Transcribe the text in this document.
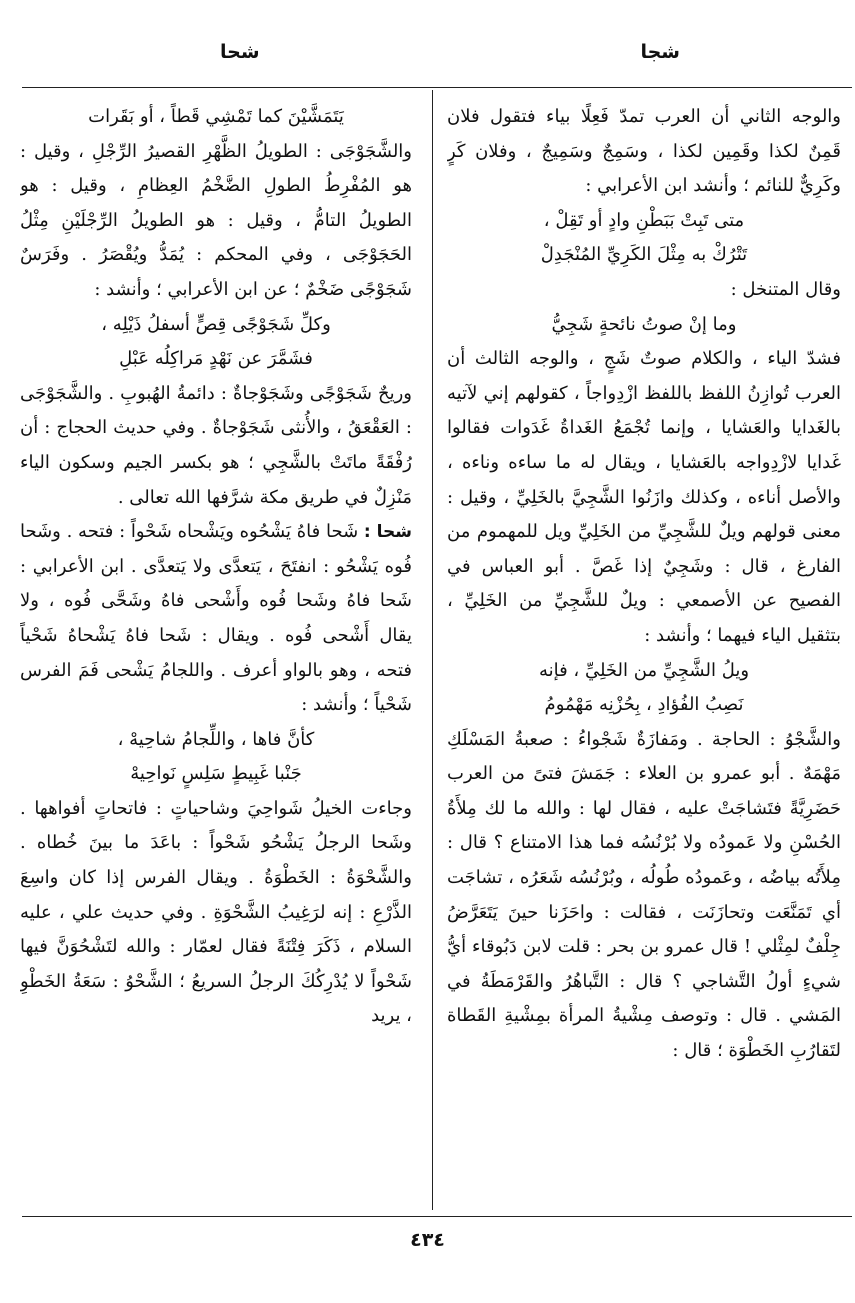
شجا
شحا

والوجه الثاني أن العرب تمدّ فَعِلًا بياء فتقول فلان قَمِنٌ لكذا وقَمِين لكذا ، وسَمِجٌ وسَمِيجٌ ، وفلان كَرٍ وكَرِيٌّ للنائم ؛ وأنشد ابن الأعرابي :

متى تَبِتْ بَبَطْنِ وادٍ أو تَقِلْ ،

تَتْرُكْ به مِثْلَ الكَرِيِّ المُنْجَدِلْ

وقال المتنخل :

وما إنْ صوتُ نائحةٍ شَجِيُّ

فشدّ الياء ، والكلام صوتٌ شَجٍ ، والوجه الثالث أن العرب تُوازِنُ اللفظ باللفظ ازْدِواجاً ، كقولهم إني لآتيه بالغَدايا والعَشايا ، وإنما تُجْمَعُ الغَداةُ غَدَوات فقالوا غَدايا لازْدِواجه بالعَشايا ، ويقال له ما ساءه وناءه ، والأصل أناءه ، وكذلك وازَنُوا الشَّجِيَّ بالخَلِيِّ ، وقيل : معنى قولهم ويلٌ للشَّجِيِّ من الخَلِيِّ ويل للمهموم من الفارغ ، قال : وشَجِيٌ إذا غَصَّ . أبو العباس في الفصيح عن الأصمعي : ويلٌ للشَّجِيِّ من الخَلِيِّ ، بتثقيل الياء فيهما ؛ وأنشد :

ويلُ الشَّجِيِّ من الخَلِيِّ ، فإنه

نَصِبُ الفُؤادِ ، بِحُزْنِه مَهْمُومُ

والشَّجْوُ : الحاجة . ومَفازَةٌ شَجْواءُ : صعبةُ المَسْلَكِ مَهْمَهٌ . أبو عمرو بن العلاء : جَمَشَ فتىً من العرب حَضَرِيَّةً فتَشاجَتْ عليه ، فقال لها : والله ما لك مِلأَةُ الحُسْنِ ولا عَمودُه ولا بُرْنُسُه فما هذا الامتناع ؟ قال : مِلأَتُه بياضُه ، وعَمودُه طُولُه ، وبُرْنُسُه شَعَرُه ، تشاجَت أي تَمَنَّعَت وتحازَنَت ، فقالت : واحَزَنا حينَ يَتَعَرَّضُ جِلْفٌ لمِثْلي ! قال عمرو بن بحر : قلت لابن دَبُوقاء أيُّ شيءٍ أولُ التَّشاجي ؟ قال : التَّباهُرُ والقَرْمَطَةُ في المَشي . قال : وتوصف مِشْيةُ المرأة بمِشْيةِ القَطاة لتَقارُبِ الخَطْوَة ؛ قال :

يَتَمَشَّيْنَ كما تَمْشِي قَطاً ، أو بَقَرات

والشَّجَوْجَى : الطويلُ الظَّهْرِ القصيرُ الرِّجْلِ ، وقيل : هو المُفْرِطُ الطولِ الضَّخْمُ العِظامِ ، وقيل : هو الطويلُ التامُّ ، وقيل : هو الطويلُ الرِّجْلَيْنِ مِثْلُ الحَجَوْجَى ، وفي المحكم : يُمَدُّ ويُقْصَرُ . وفَرَسٌ شَجَوْجًى ضَخْمٌ ؛ عن ابن الأعرابي ؛ وأنشد :

وكلِّ شَجَوْجًى قِصٍّ أسفلُ ذَيْلِه ،

فشَمَّرَ عن نَهْدٍ مَراكِلُه عَبْلِ

وريحٌ شَجَوْجًى وشَجَوْجاةٌ : دائمةُ الهُبوبِ . والشَّجَوْجَى : العَقْعَقُ ، والأُنثى شَجَوْجاةٌ . وفي حديث الحجاج : أن رُفْقَةً ماتَتْ بالشَّجِي ؛ هو بكسر الجيم وسكون الياء مَنْزِلٌ في طريق مكة شرَّفها الله تعالى .

شحا : شَحا فاهُ يَشْحُوه ويَشْحاه شَحْواً : فتحه . وشَحا فُوه يَشْحُو : انفتَحَ ، يَتعدَّى ولا يَتعدَّى . ابن الأعرابي : شَحا فاهُ وشَحا فُوه وأَشْحى فاهُ وشَحَّى فُوه ، ولا يقال أَشْحى فُوه . ويقال : شَحا فاهُ يَشْحاهُ شَحْياً فتحه ، وهو بالواو أعرف . واللجامُ يَشْحى فَمَ الفرس شَحْياً ؛ وأنشد :

كأنَّ فاها ، واللِّجامُ شاحِيهْ ،

جَنْبا غَبِيطٍ سَلِسٍ نَواحِيهْ

وجاءت الخيلُ شَواحِيَ وشاحياتٍ : فاتحاتٍ أفواهها . وشَحا الرجلُ يَشْحُو شَحْواً : باعَدَ ما بينَ خُطاه . والشَّحْوَةُ : الخَطْوَةُ . ويقال الفرس إذا كان واسِعَ الذَّرْعِ : إنه لرَغِيبُ الشَّحْوَةِ . وفي حديث علي ، عليه السلام ، ذَكَرَ فِتْنَةً فقال لعمّار : والله لتَشْحُوَنَّ فيها شَحْواً لا يُدْرِكُكَ الرجلُ السريعُ ؛ الشَّحْوُ : سَعَةُ الخَطْوِ ، يريد

٤٣٤
